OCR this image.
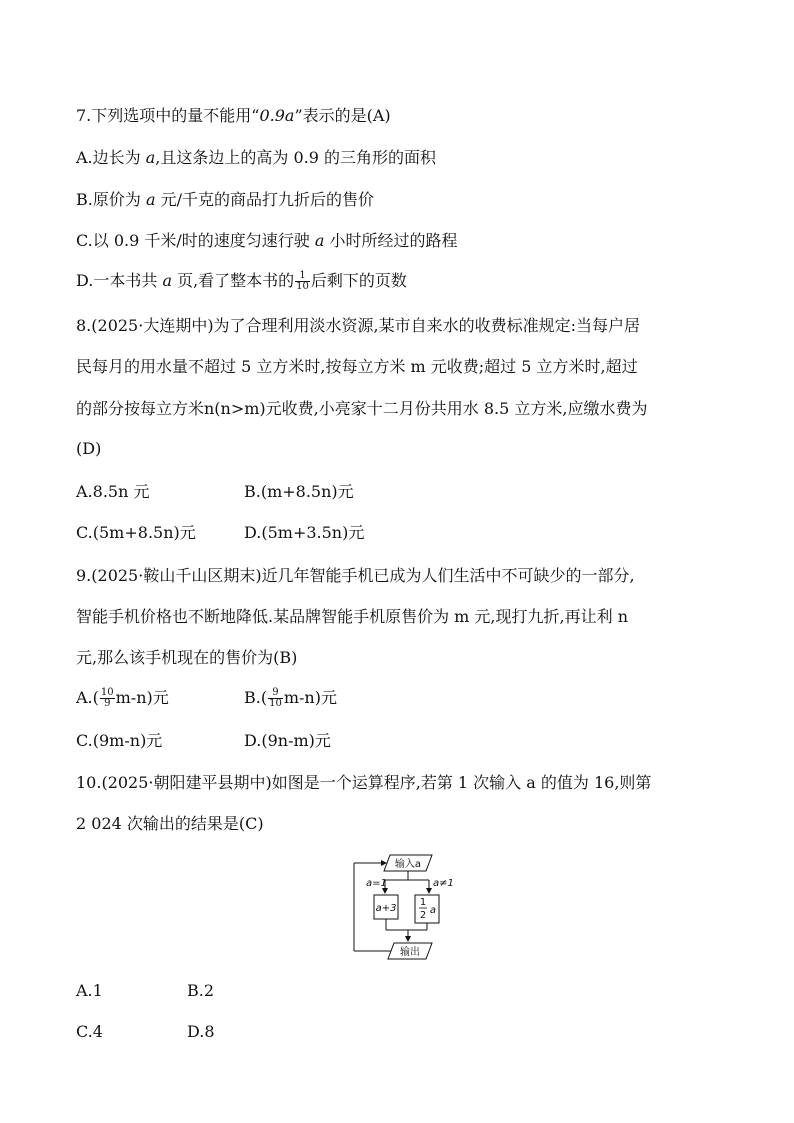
7.下列选项中的量不能用“0.9a”表示的是(A)
A.边长为 a,且这条边上的高为 0.9 的三角形的面积
B.原价为 a 元/千克的商品打九折后的售价
C.以 0.9 千米/时的速度匀速行驶 a 小时所经过的路程
D.一本书共 a 页,看了整本书的 $\frac{1}{10}$ 后剩下的页数
8.(2025·大连期中)为了合理利用淡水资源,某市自来水的收费标准规定:当每户居
民每月的用水量不超过 5 立方米时,按每立方米 m 元收费;超过 5 立方米时,超过
的部分按每立方米n(n>m)元收费,小亮家十二月份共用水 8.5 立方米,应缴水费为
(D)
A.8.5n 元	B.(m+8.5n)元
C.(5m+8.5n)元	D.(5m+3.5n)元
9.(2025·鞍山千山区期末)近几年智能手机已成为人们生活中不可缺少的一部分,
智能手机价格也不断地降低.某品牌智能手机原售价为 m 元,现打九折,再让利 n
元,那么该手机现在的售价为(B)
$A.( \frac{10}{9} m-n)$元	$B.( \frac{9}{10} m-n)$元
C.(9m-n)元	D.(9n-m)元
10.(2025·朝阳建平县期中)如图是一个运算程序,若第 1 次输入 a 的值为 16,则第
2 024 次输出的结果是(C)
输入a
a=1	a≠1
a+3
1
2 a
输出
A.1	B.2
C.4	D.8
